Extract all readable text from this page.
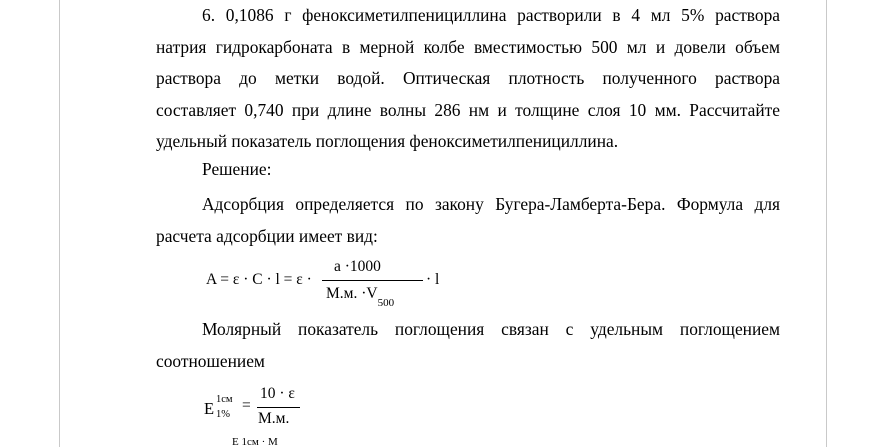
6. 0,1086 г феноксиметилпенициллина растворили в 4 мл 5% раствора
натрия гидрокарбоната в мерной колбе вместимостью 500 мл и довели объем
раствора до метки водой. Оптическая плотность полученного раствора
составляет 0,740 при длине волны 286 нм и толщине слоя 10 мм. Рассчитайте
удельный показатель поглощения феноксиметилпенициллина.
Решение:
Адсорбция определяется по закону Бугера-Ламберта-Бера. Формула для
расчета адсорбции имеет вид:
A = ε · C · l = ε ·
a ·1000
М.м. $\cdot V_{500}$
· l
Молярный показатель поглощения связан с удельным поглощением
соотношением
E 1см
1%
=
10 · ε
М.м.
E 1см · М
